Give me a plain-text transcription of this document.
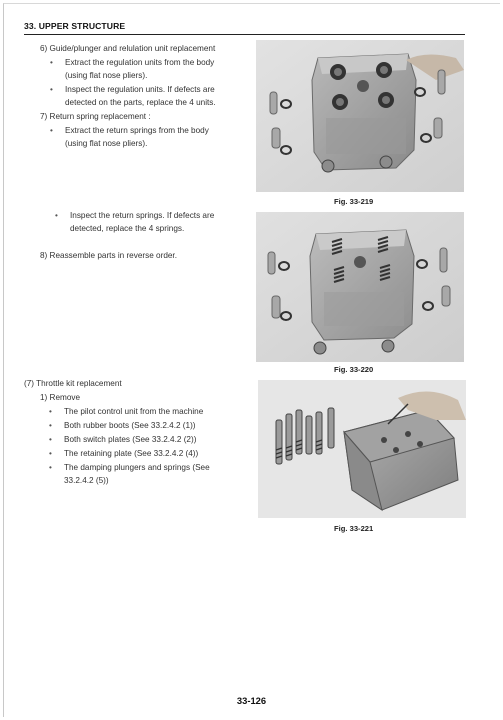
33. UPPER STRUCTURE
6) Guide/plunger and relulation unit replacement
• Extract the regulation units from the body
(using flat nose pliers).
• Inspect the regulation units. If defects are
detected on the parts, replace the 4 units.
7) Return spring replacement :
• Extract the return springs from the body
(using flat nose pliers).
• Inspect the return springs. If defects are
detected, replace the 4 springs.
8) Reassemble parts in reverse order.
(7) Throttle kit replacement
1) Remove
• The pilot control unit from the machine
• Both rubber boots (See 33.2.4.2 (1))
• Both switch plates (See 33.2.4.2 (2))
• The retaining plate (See 33.2.4.2 (4))
• The damping plungers and springs (See
33.2.4.2 (5))
Fig. 33-219
Fig. 33-220
Fig. 33-221
33-126
